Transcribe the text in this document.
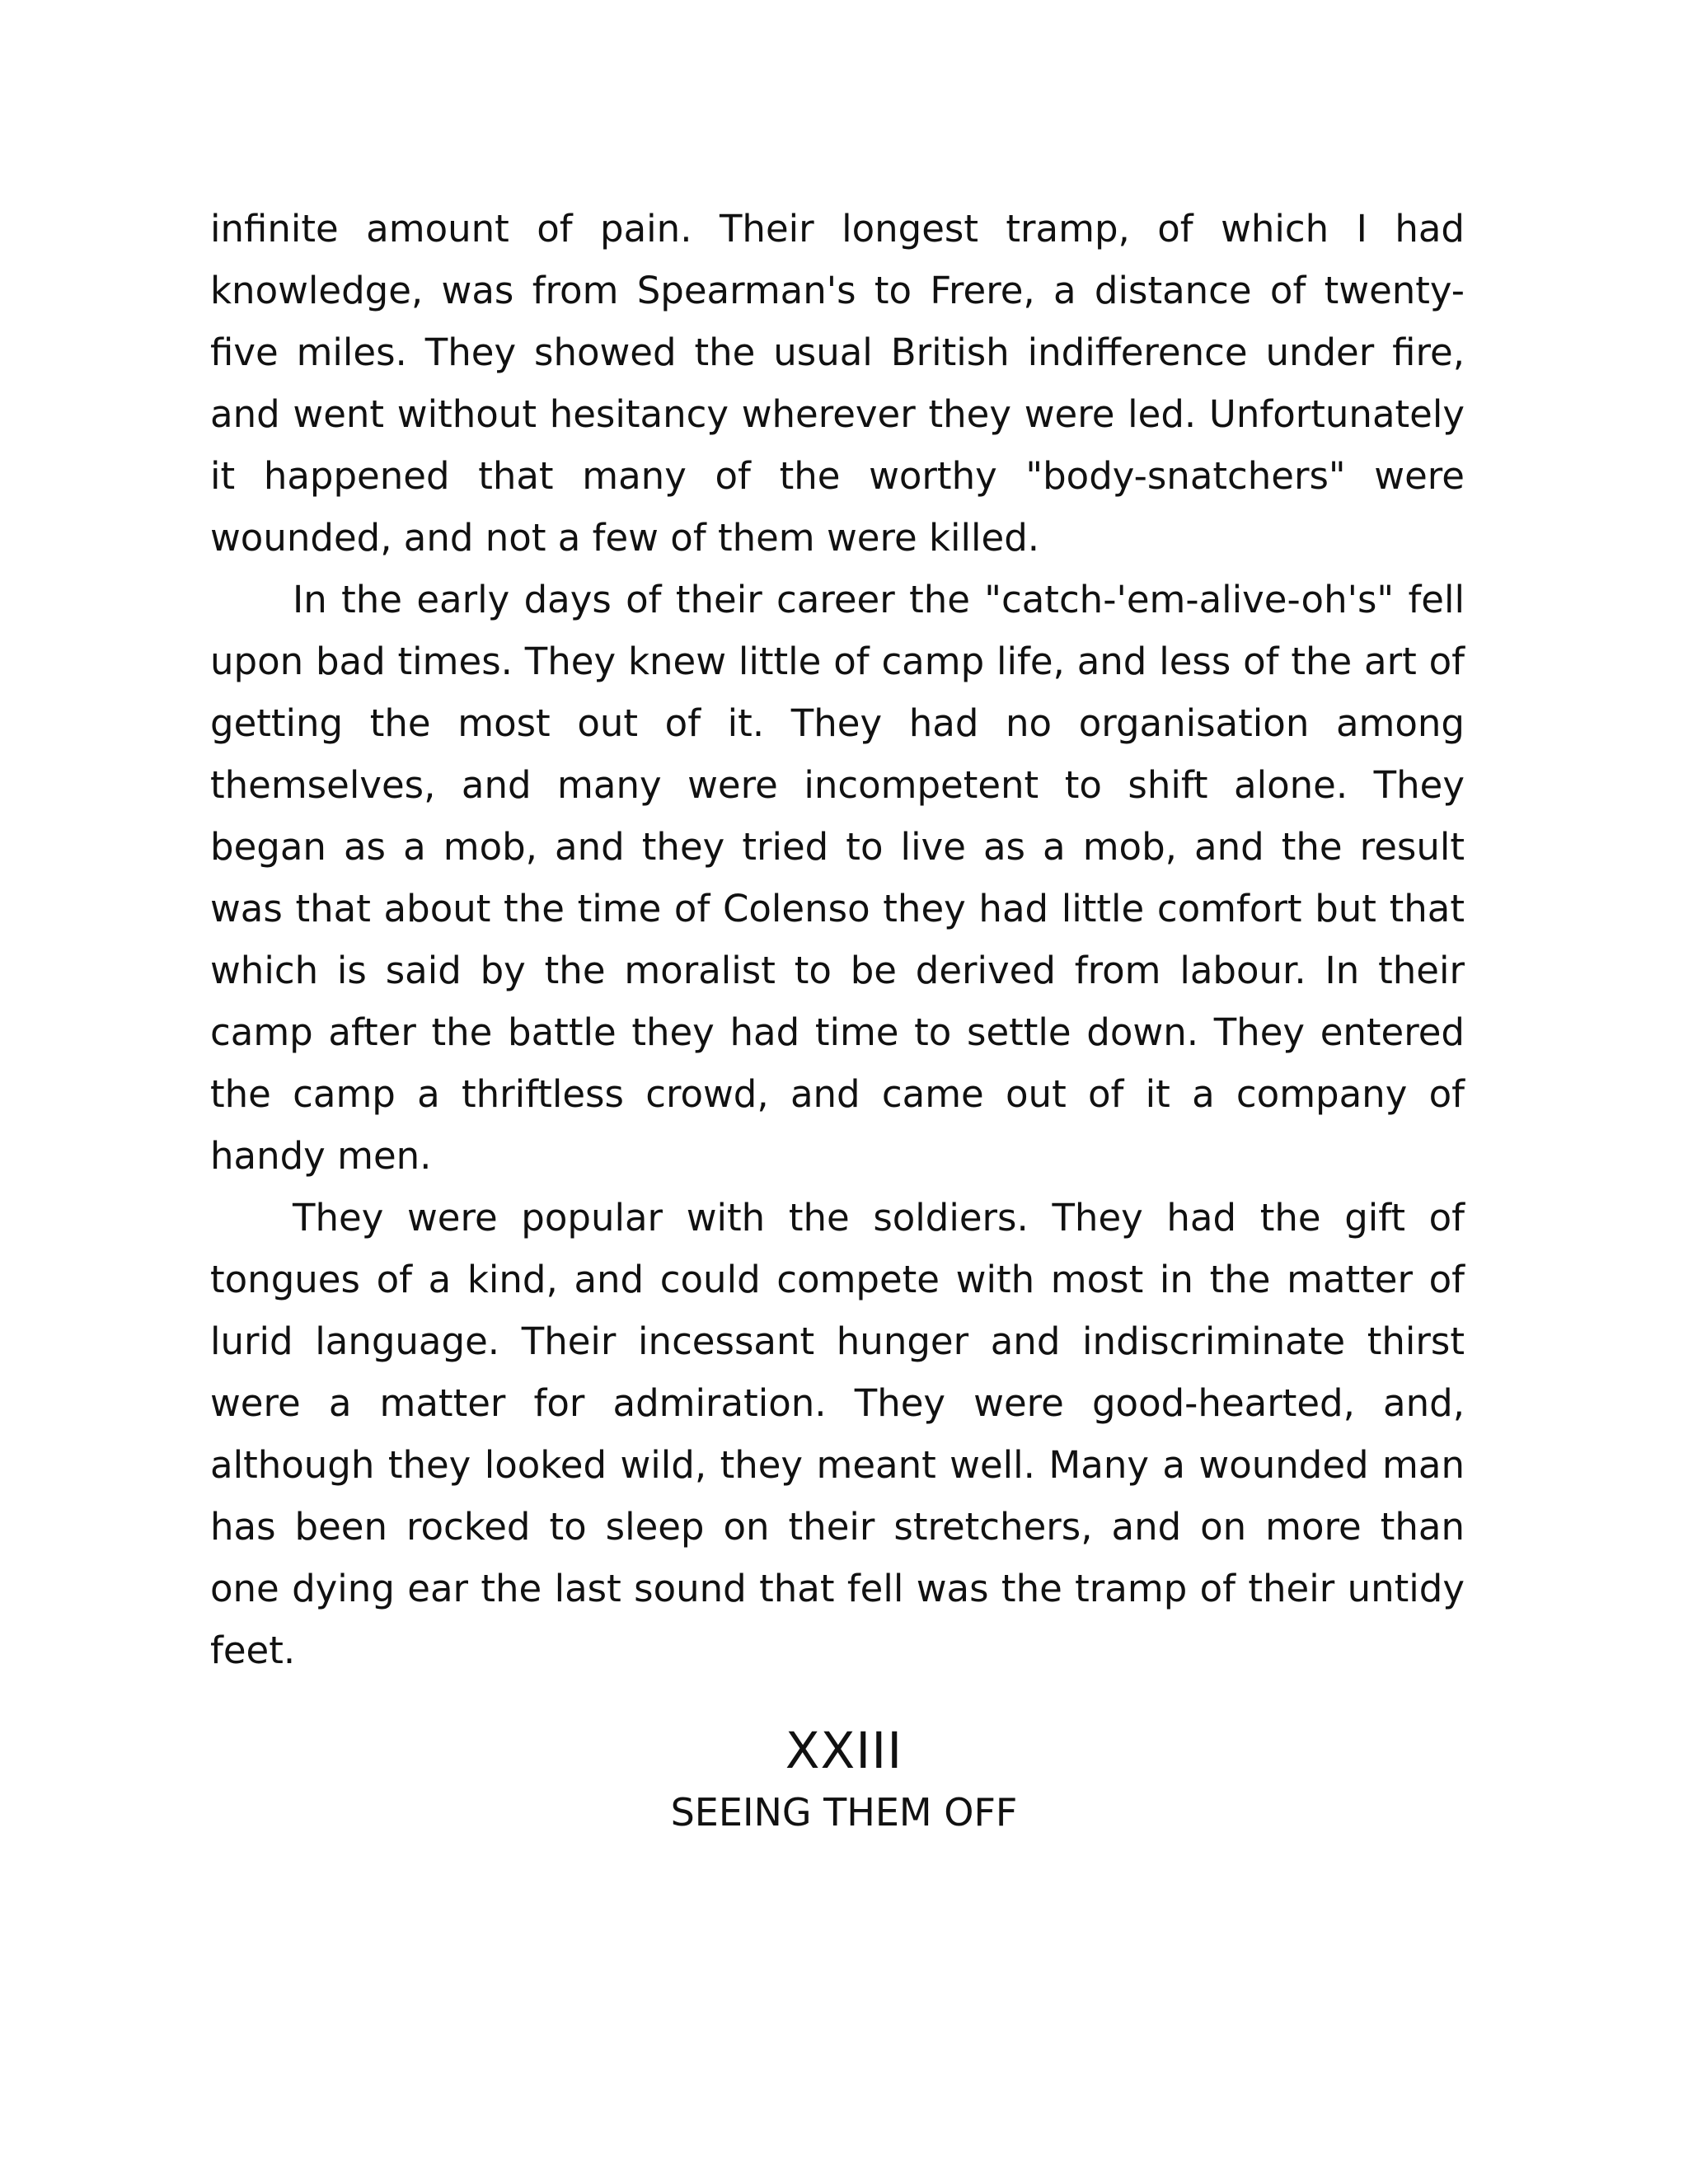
infinite amount of pain. Their longest tramp, of which I had knowledge, was from Spearman's to Frere, a distance of twenty-five miles. They showed the usual British indifference under fire, and went without hesitancy wherever they were led. Unfortunately it happened that many of the worthy "body-snatchers" were wounded, and not a few of them were killed.

In the early days of their career the "catch-'em-alive-oh's" fell upon bad times. They knew little of camp life, and less of the art of getting the most out of it. They had no organisation among themselves, and many were incompetent to shift alone. They began as a mob, and they tried to live as a mob, and the result was that about the time of Colenso they had little comfort but that which is said by the moralist to be derived from labour. In their camp after the battle they had time to settle down. They entered the camp a thriftless crowd, and came out of it a company of handy men.

They were popular with the soldiers. They had the gift of tongues of a kind, and could compete with most in the matter of lurid language. Their incessant hunger and indiscriminate thirst were a matter for admiration. They were good-hearted, and, although they looked wild, they meant well. Many a wounded man has been rocked to sleep on their stretchers, and on more than one dying ear the last sound that fell was the tramp of their untidy feet.

XXIII
SEEING THEM OFF
